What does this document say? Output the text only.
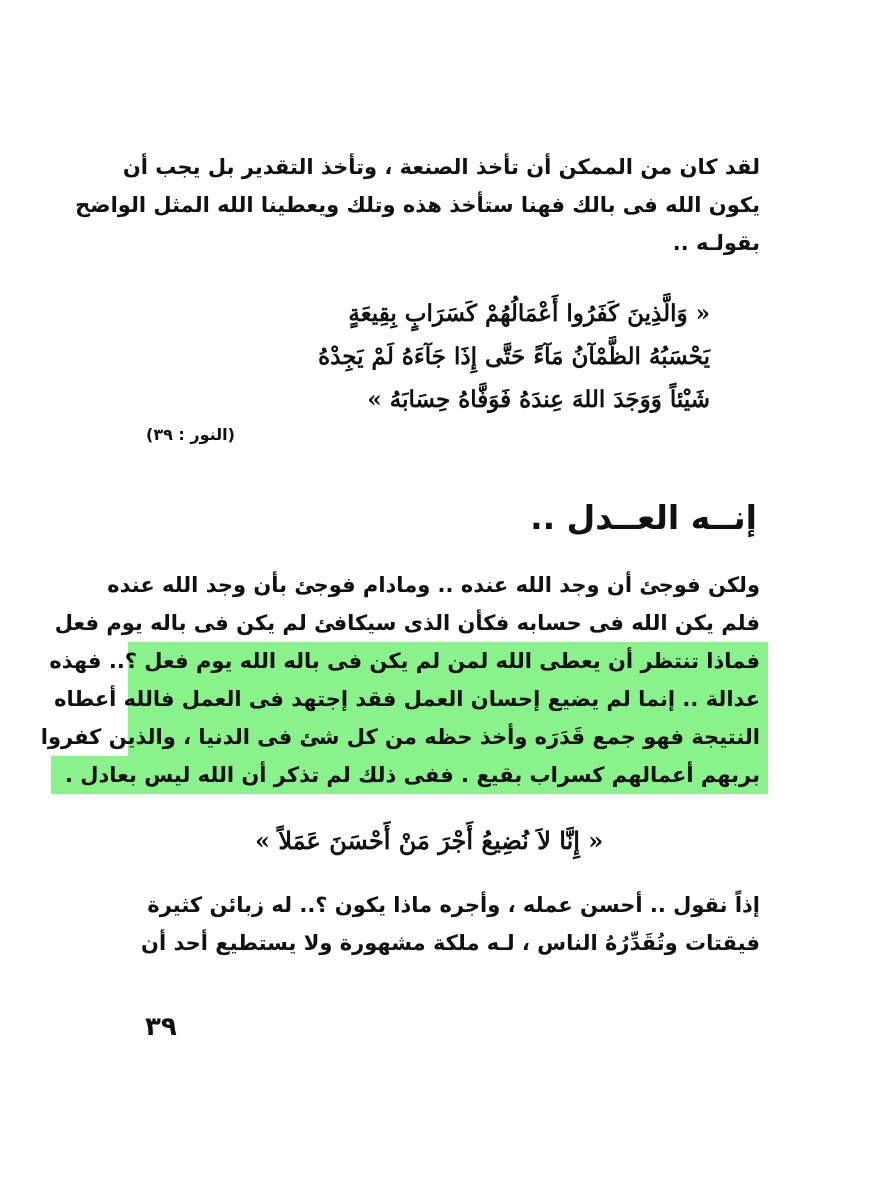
لقد كان من الممكن أن تأخذ الصنعة ، وتأخذ التقدير بل يجب أن
يكون الله فى بالك فهنا ستأخذ هذه وتلك ويعطينا الله المثل الواضح
بقولـه ..
« وَالَّذِينَ كَفَرُوا أَعْمَالُهُمْ كَسَرَابٍ بِقِيعَةٍ
يَحْسَبُهُ الظَّمْآنُ مَآءً حَتَّى إِذَا جَآءَهُ لَمْ يَجِدْهُ
شَيْئاً وَوَجَدَ اللهَ عِندَهُ فَوَفَّاهُ حِسَابَهُ »
(النور : ٣٩)
إنــه العــدل ..
ولكن فوجئ أن وجد الله عنده .. ومادام فوجئ بأن وجد الله عنده
فلم يكن الله فى حسابه فكأن الذى سيكافئ لم يكن فى باله يوم فعل
فماذا تنتظر أن يعطى الله لمن لم يكن فى باله الله يوم فعل ؟.. فهذه
عدالة .. إنما لم يضيع إحسان العمل فقد إجتهد فى العمل فالله أعطاه
النتيجة فهو جمع قَدَرَه وأخذ حظه من كل شئ فى الدنيا ، والذين كفروا
بربهم أعمالهم كسراب بقيع . ففى ذلك لم تذكر أن الله ليس بعادل .
« إِنَّا لاَ نُضِيعُ أَجْرَ مَنْ أَحْسَنَ عَمَلاً »
إذاً نقول .. أحسن عمله ، وأجره ماذا يكون ؟.. له زبائن كثيرة
فيقتات وتُقَدِّرُهُ الناس ، لـه ملكة مشهورة ولا يستطيع أحد أن
٣٩
